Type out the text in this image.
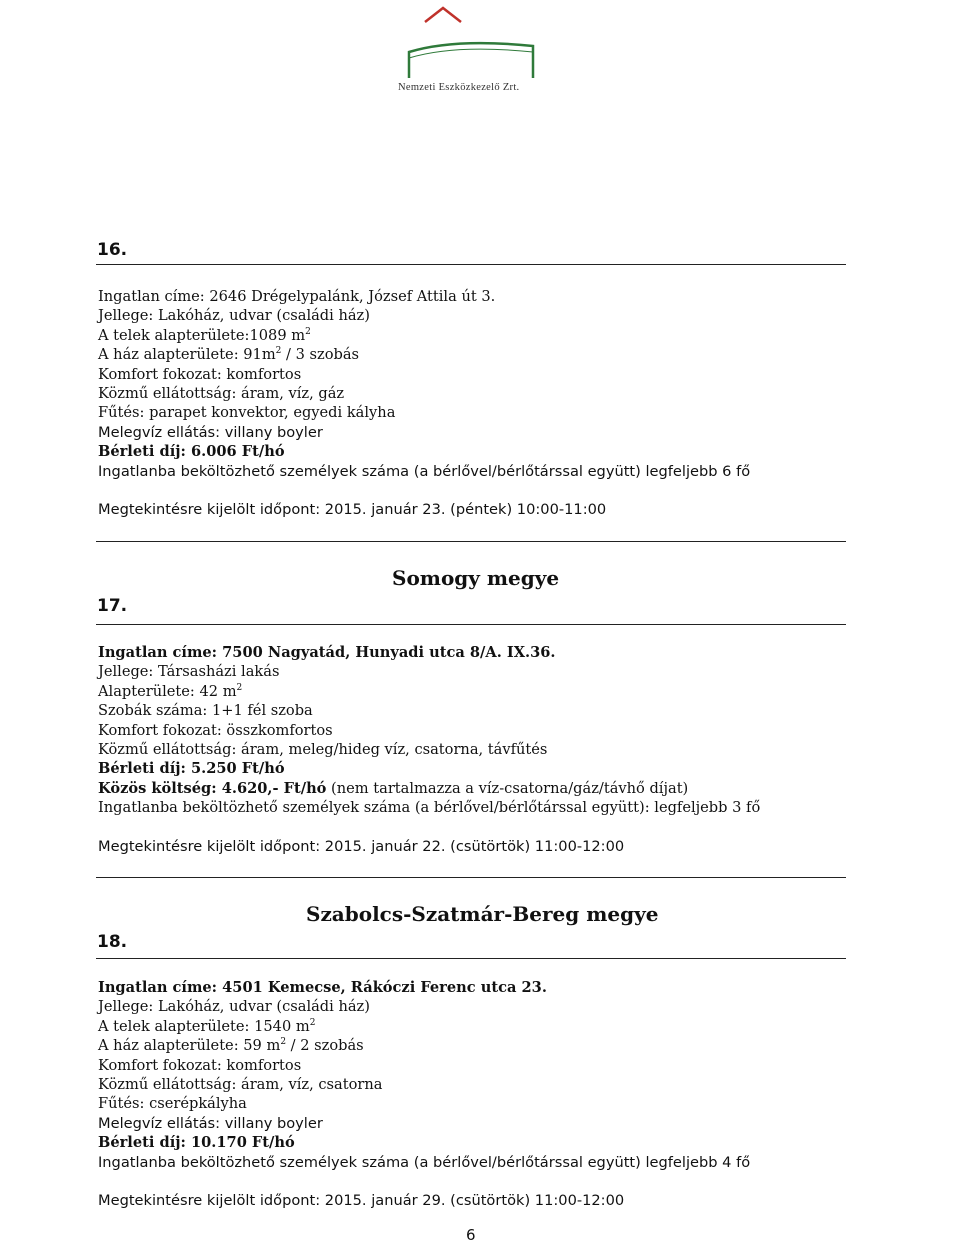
Nemzeti Eszközkezelő Zrt.
16.
Ingatlan címe: 2646 Drégelypalánk, József Attila út 3.
Jellege: Lakóház, udvar (családi ház)
A telek alapterülete:1089 $m^2$
A ház alapterülete: $91m^2 / 3$ szobás
Komfort fokozat: komfortos
Közmű ellátottság: áram, víz, gáz
Fűtés: parapet konvektor, egyedi kályha
Melegvíz ellátás: villany boyler
Bérleti díj: 6.006 Ft/hó
Ingatlanba beköltözhető személyek száma (a bérlővel/bérlőtárssal együtt) legfeljebb 6 fő
Megtekintésre kijelölt időpont: 2015. január 23. (péntek) 10:00-11:00
Somogy megye
17.
Ingatlan címe: 7500 Nagyatád, Hunyadi utca 8/A. IX.36.
Jellege: Társasházi lakás
Alapterülete: 42 $m^2$
Szobák száma: 1+1 fél szoba
Komfort fokozat: összkomfortos
Közmű ellátottság: áram, meleg/hideg víz, csatorna, távfűtés
Bérleti díj: 5.250 Ft/hó
Közös költség: 4.620,- Ft/hó (nem tartalmazza a víz-csatorna/gáz/távhő díjat)
Ingatlanba beköltözhető személyek száma (a bérlővel/bérlőtárssal együtt): legfeljebb 3 fő
Megtekintésre kijelölt időpont: 2015. január 22. (csütörtök) 11:00-12:00
Szabolcs-Szatmár-Bereg megye
18.
Ingatlan címe: 4501 Kemecse, Rákóczi Ferenc utca 23.
Jellege: Lakóház, udvar (családi ház)
A telek alapterülete: 1540 $m^2$
A ház alapterülete: 59 $m^2 / 2$ szobás
Komfort fokozat: komfortos
Közmű ellátottság: áram, víz, csatorna
Fűtés: cserépkályha
Melegvíz ellátás: villany boyler
Bérleti díj: 10.170 Ft/hó
Ingatlanba beköltözhető személyek száma (a bérlővel/bérlőtárssal együtt) legfeljebb 4 fő
Megtekintésre kijelölt időpont: 2015. január 29. (csütörtök) 11:00-12:00
6
